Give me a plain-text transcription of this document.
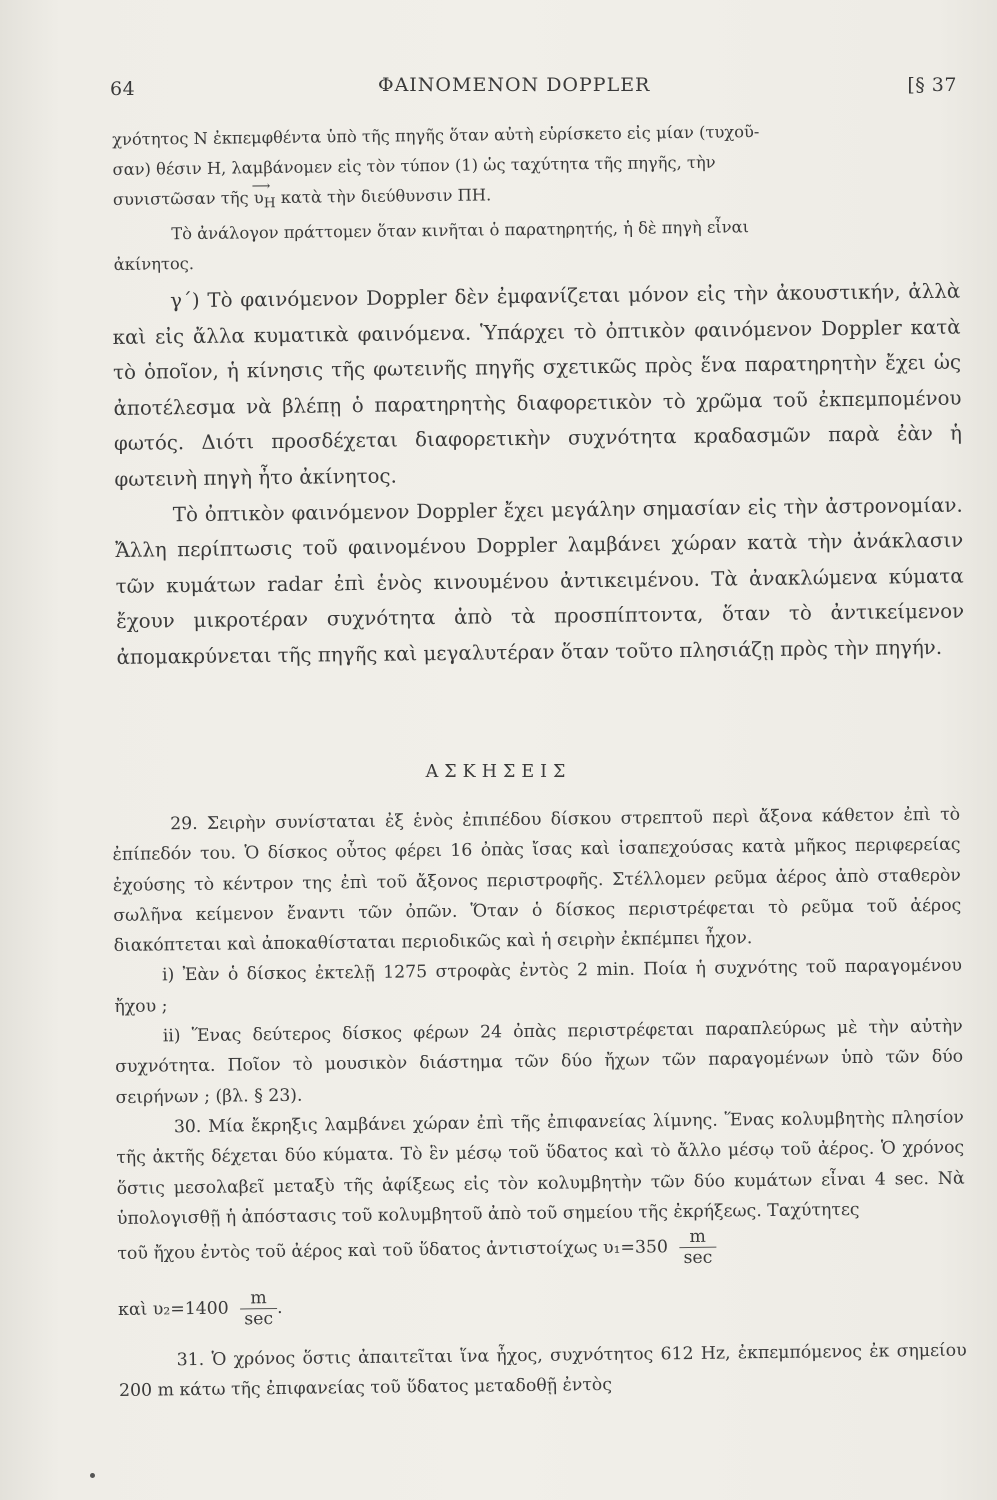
64	ΦΑΙΝΟΜΕΝΟΝ DOPPLER	[§ 37

χνότητος N ἐκπεμφθέντα ὑπὸ τῆς πηγῆς ὅταν αὐτὴ εὑρίσκετο εἰς μίαν (τυχοῦ-

σαν) θέσιν H, λαμβάνομεν εἰς τὸν τύπον (1) ὡς ταχύτητα τῆς πηγῆς, τὴν

συνιστῶσαν τῆς ⟶ $\upsilon_H$ κατὰ τὴν διεύθυνσιν ΠH.

Τὸ ἀνάλογον πράττομεν ὅταν κινῆται ὁ παρατηρητής, ἡ δὲ πηγὴ εἶναι

ἀκίνητος.

γ΄) Τὸ φαινόμενον Doppler δὲν ἐμφανίζεται μόνον εἰς τὴν ἀκουστικήν, ἀλλὰ καὶ εἰς ἄλλα κυματικὰ φαινόμενα. Ὑπάρχει τὸ ὀπτικὸν φαινόμενον Doppler κατὰ τὸ ὁποῖον, ἡ κίνησις τῆς φωτεινῆς πηγῆς σχετικῶς πρὸς ἕνα παρατηρητὴν ἔχει ὡς ἀποτέλεσμα νὰ βλέπῃ ὁ παρατηρητὴς διαφορετικὸν τὸ χρῶμα τοῦ ἐκπεμπομένου φωτός. Διότι προσδέχεται διαφορετικὴν συχνότητα κραδασμῶν παρὰ ἐὰν ἡ φωτεινὴ πηγὴ ἦτο ἀκίνητος.

Τὸ ὀπτικὸν φαινόμενον Doppler ἔχει μεγάλην σημασίαν εἰς τὴν ἀστρονομίαν. Ἄλλη περίπτωσις τοῦ φαινομένου Doppler λαμβάνει χώραν κατὰ τὴν ἀνάκλασιν τῶν κυμάτων radar ἐπὶ ἑνὸς κινουμένου ἀντικειμένου. Τὰ ἀνακλώμενα κύματα ἔχουν μικροτέραν συχνότητα ἀπὸ τὰ προσπίπτοντα, ὅταν τὸ ἀντικείμενον ἀπομακρύνεται τῆς πηγῆς καὶ μεγαλυτέραν ὅταν τοῦτο πλησιάζῃ πρὸς τὴν πηγήν.

ΑΣΚΗΣΕΙΣ

29. Σειρὴν συνίσταται ἐξ ἑνὸς ἐπιπέδου δίσκου στρεπτοῦ περὶ ἄξονα κάθετον ἐπὶ τὸ ἐπίπεδόν του. Ὁ δίσκος οὗτος φέρει 16 ὀπὰς ἴσας καὶ ἰσαπεχούσας κατὰ μῆκος περιφερείας ἐχούσης τὸ κέντρον της ἐπὶ τοῦ ἄξονος περιστροφῆς. Στέλλομεν ρεῦμα ἀέρος ἀπὸ σταθερὸν σωλῆνα κείμενον ἔναντι τῶν ὀπῶν. Ὅταν ὁ δίσκος περιστρέφεται τὸ ρεῦμα τοῦ ἀέρος διακόπτεται καὶ ἀποκαθίσταται περιοδικῶς καὶ ἡ σειρὴν ἐκπέμπει ἦχον.

i) Ἐὰν ὁ δίσκος ἐκτελῇ 1275 στροφὰς ἐντὸς 2 min. Ποία ἡ συχνότης τοῦ παραγομένου ἤχου ;

ii) Ἕνας δεύτερος δίσκος φέρων 24 ὀπὰς περιστρέφεται παραπλεύρως μὲ τὴν αὐτὴν συχνότητα. Ποῖον τὸ μουσικὸν διάστημα τῶν δύο ἤχων τῶν παραγομένων ὑπὸ τῶν δύο σειρήνων ; (βλ. § 23).

30. Μία ἔκρηξις λαμβάνει χώραν ἐπὶ τῆς ἐπιφανείας λίμνης. Ἕνας κολυμβητὴς πλησίον τῆς ἀκτῆς δέχεται δύο κύματα. Τὸ ἓν μέσῳ τοῦ ὕδατος καὶ τὸ ἄλλο μέσῳ τοῦ ἀέρος. Ὁ χρόνος ὅστις μεσολαβεῖ μεταξὺ τῆς ἀφίξεως εἰς τὸν κολυμβητὴν τῶν δύο κυμάτων εἶναι 4 sec. Νὰ ὑπολογισθῇ ἡ ἀπόστασις τοῦ κολυμβητοῦ ἀπὸ τοῦ σημείου τῆς ἐκρήξεως. Ταχύτητες

τοῦ ἤχου ἐντὸς τοῦ ἀέρος καὶ τοῦ ὕδατος ἀντιστοίχως $\upsilon_1=350 \frac{m}{\sec}$
καὶ $\upsilon_2=1400 \frac{m}{\sec}$ .

31. Ὁ χρόνος ὅστις ἀπαιτεῖται ἵνα ἦχος, συχνότητος 612 Hz, ἐκπεμπόμενος ἐκ σημείου 200 m κάτω τῆς ἐπιφανείας τοῦ ὕδατος μεταδοθῇ ἐντὸς
